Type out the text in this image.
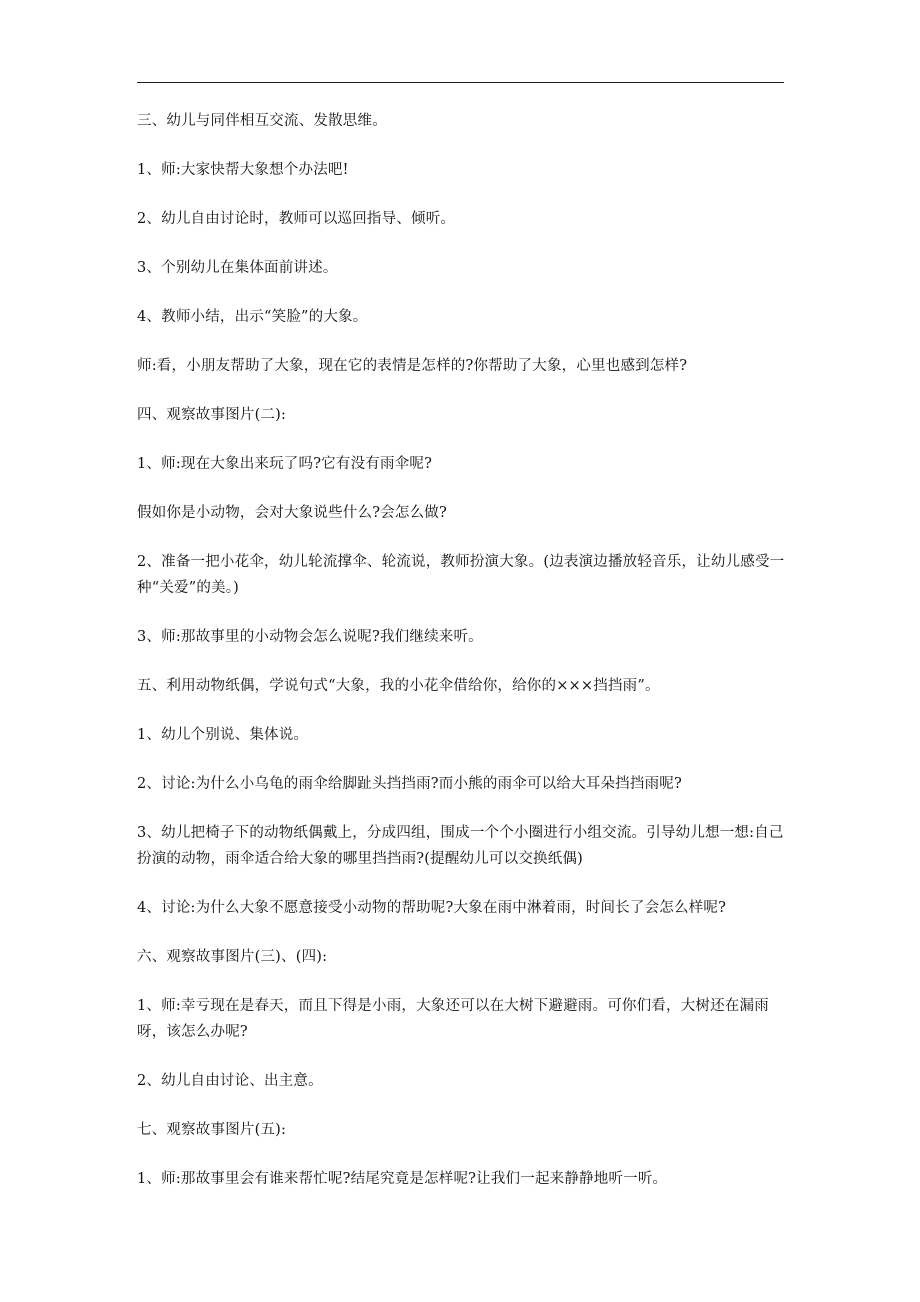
三、幼儿与同伴相互交流、发散思维。

1、师:大家快帮大象想个办法吧!

2、幼儿自由讨论时，教师可以巡回指导、倾听。

3、个别幼儿在集体面前讲述。

4、教师小结，出示“笑脸”的大象。

师:看，小朋友帮助了大象，现在它的表情是怎样的?你帮助了大象，心里也感到怎样?

四、观察故事图片(二):

1、师:现在大象出来玩了吗?它有没有雨伞呢?

假如你是小动物，会对大象说些什么?会怎么做?

2、准备一把小花伞，幼儿轮流撑伞、轮流说，教师扮演大象。(边表演边播放轻音乐，让幼儿感受一种“关爱”的美。)

3、师:那故事里的小动物会怎么说呢?我们继续来听。

五、利用动物纸偶，学说句式“大象，我的小花伞借给你，给你的×××挡挡雨”。

1、幼儿个别说、集体说。

2、讨论:为什么小乌龟的雨伞给脚趾头挡挡雨?而小熊的雨伞可以给大耳朵挡挡雨呢?

3、幼儿把椅子下的动物纸偶戴上，分成四组，围成一个个小圈进行小组交流。引导幼儿想一想:自己扮演的动物，雨伞适合给大象的哪里挡挡雨?(提醒幼儿可以交换纸偶)

4、讨论:为什么大象不愿意接受小动物的帮助呢?大象在雨中淋着雨，时间长了会怎么样呢?

六、观察故事图片(三)、(四):

1、师:幸亏现在是春天，而且下得是小雨，大象还可以在大树下避避雨。可你们看，大树还在漏雨呀，该怎么办呢?

2、幼儿自由讨论、出主意。

七、观察故事图片(五):

1、师:那故事里会有谁来帮忙呢?结尾究竟是怎样呢?让我们一起来静静地听一听。
